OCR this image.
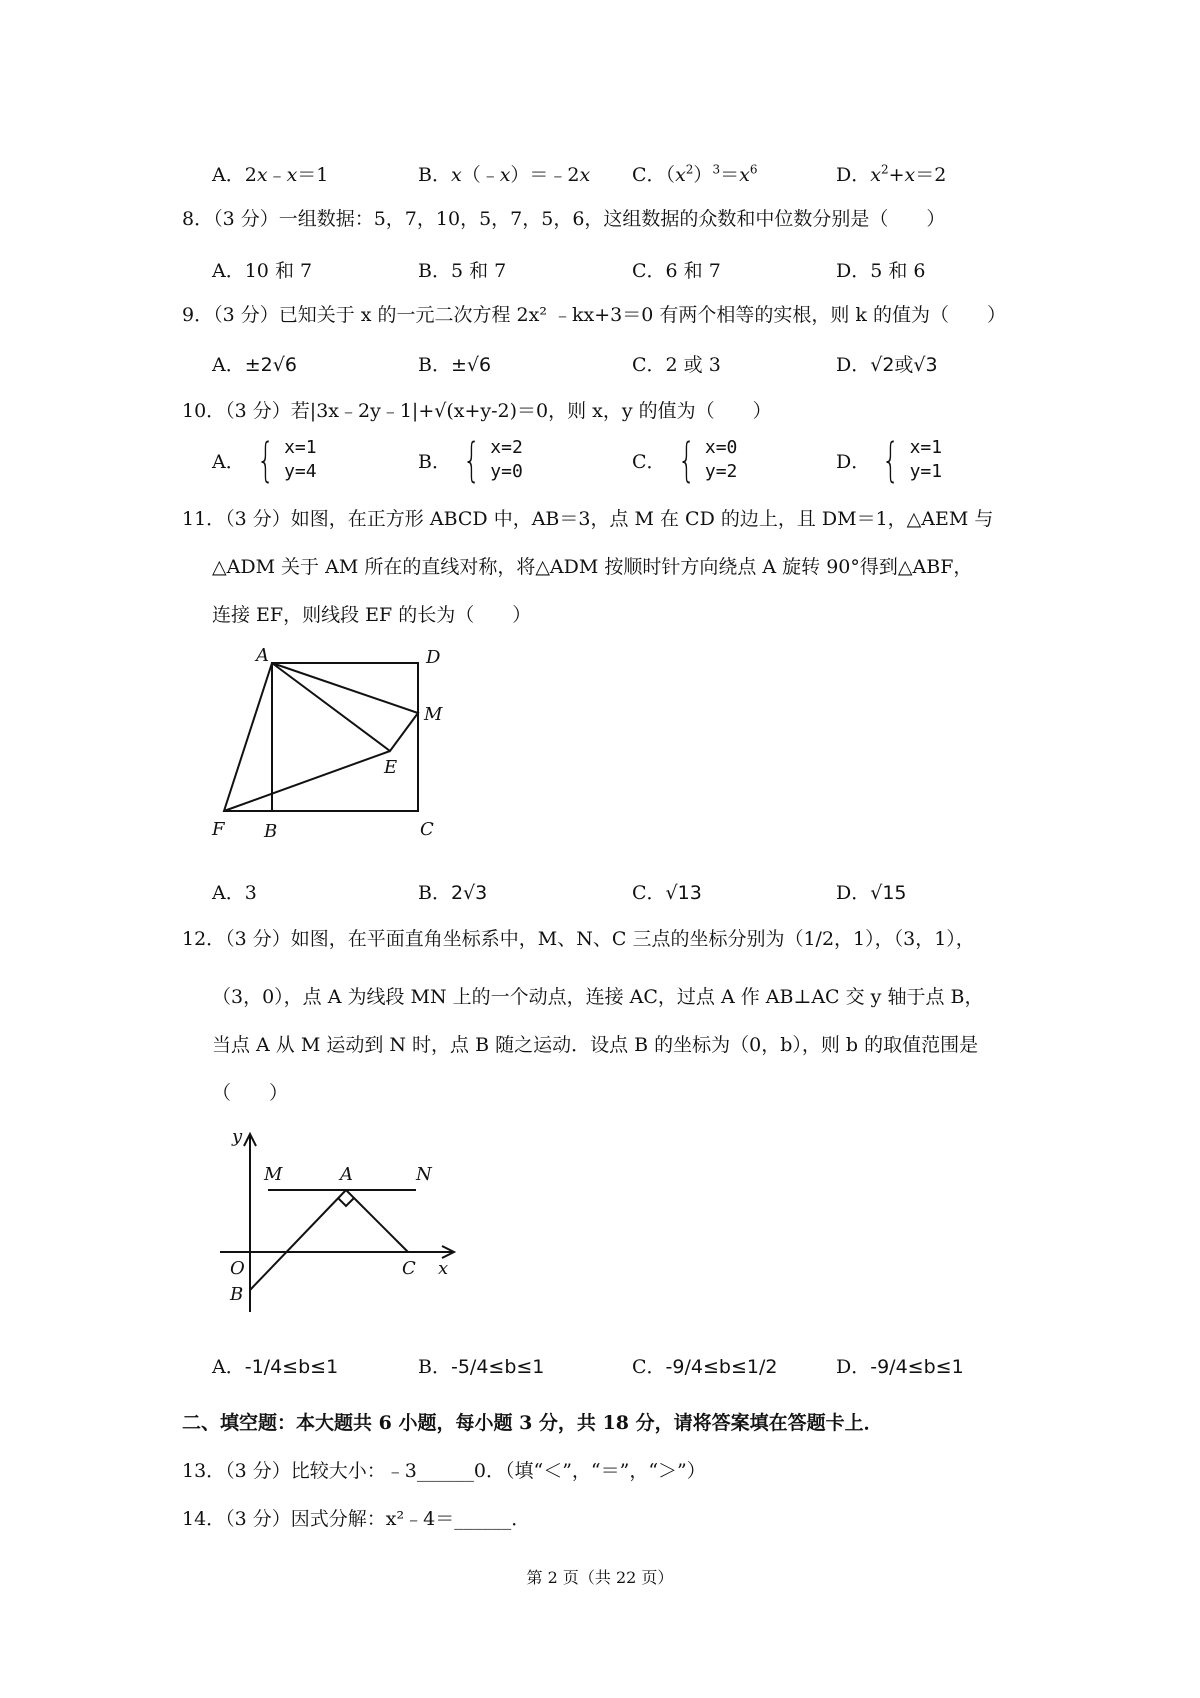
A．2x﹣x＝1	B．x（﹣x）＝﹣2x C．$(x^2)^3=x^6$	D．$x^2+x=2$
8．（3 分）一组数据：5，7，10，5，7，5，6，这组数据的众数和中位数分别是（　　）
A．10 和 7	B．5 和 7	C．6 和 7	D．5 和 6
9．（3 分）已知关于 x 的一元二次方程 2x² ﹣kx+3＝0 有两个相等的实根，则 k 的值为（　　）
A．±2√6	B．±√6	C．2 或 3	D．√2或√3
10．（3 分）若|3x﹣2y﹣1|+√(x+y-2)＝0，则 x，y 的值为（　　）
A． { x=1
y=4	B． { x=2
y=0	C． { x=0
y=2	D． { x=1
y=1
11．（3 分）如图，在正方形 ABCD 中，AB＝3，点 M 在 CD 的边上，且 DM＝1，△AEM 与
△ADM 关于 AM 所在的直线对称，将△ADM 按顺时针方向绕点 A 旋转 90°得到△ABF，
连接 EF，则线段 EF 的长为（　　）
A	D
M
E
F B	C
A．3	B．2√3	C．√13	D．√15
12．（3 分）如图，在平面直角坐标系中，M、N、C 三点的坐标分别为（1/2，1），（3，1），
（3，0），点 A 为线段 MN 上的一个动点，连接 AC，过点 A 作 AB⊥AC 交 y 轴于点 B，
当点 A 从 M 运动到 N 时，点 B 随之运动．设点 B 的坐标为（0，b），则 b 的取值范围是
（　　）
y
M	A	N
O	C x
B
A．-1/4≤b≤1	B．-5/4≤b≤1	C．-9/4≤b≤1/2	D．-9/4≤b≤1
二、填空题：本大题共 6 小题，每小题 3 分，共 18 分，请将答案填在答题卡上．
13．（3 分）比较大小：﹣3______0．（填“＜”，“＝”，“＞”）
14．（3 分）因式分解：x²﹣4＝______．
第 2 页（共 22 页）
